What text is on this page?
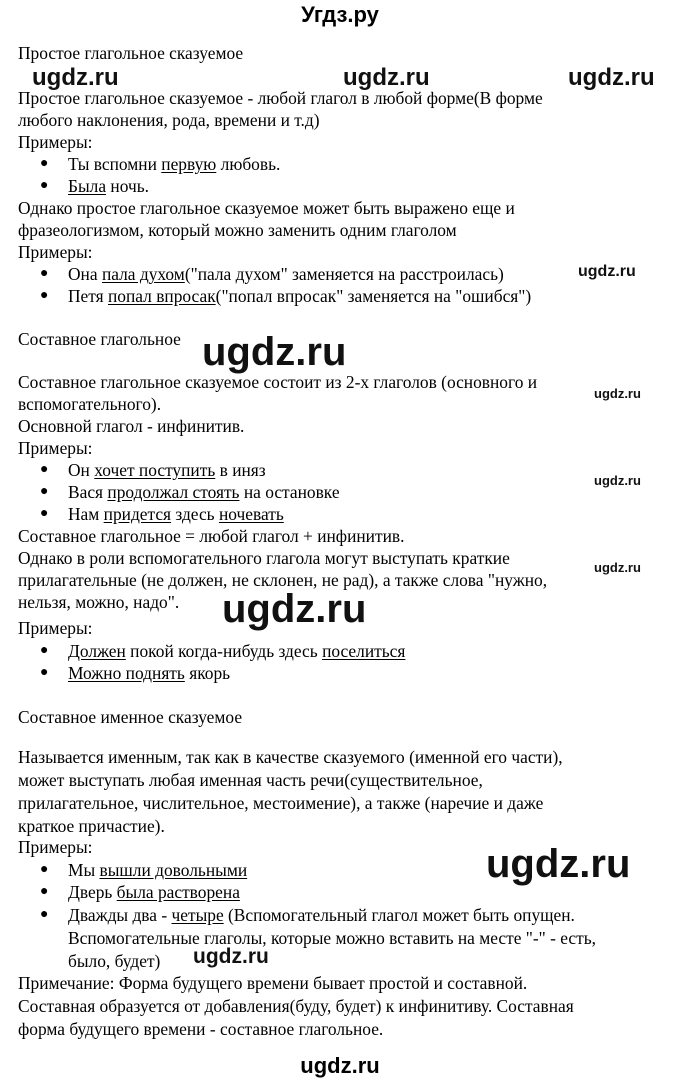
Угдз.ру
ugdz.ru	ugdz.ru	ugdz.ru
ugdz.ru
ugdz.ru
ugdz.ru
ugdz.ru
ugdz.ru
ugdz.ru
ugdz.ru
ugdz.ru
Простое глагольное сказуемое
Простое глагольное сказуемое - любой глагол в любой форме(В форме
любого наклонения, рода, времени и т.д)
Примеры:
● Ты вспомни первую любовь.
● Была ночь.
Однако простое глагольное сказуемое может быть выражено еще и
фразеологизмом, который можно заменить одним глаголом
Примеры:
● Она пала духом("пала духом" заменяется на расстроилась)
● Петя попал впросак("попал впросак" заменяется на "ошибся")
Составное глагольное
Составное глагольное сказуемое состоит из 2-х глаголов (основного и
вспомогательного).
Основной глагол - инфинитив.
Примеры:
● Он хочет поступить в иняз
● Вася продолжал стоять на остановке
● Нам придется здесь ночевать
Составное глагольное = любой глагол + инфинитив.
Однако в роли вспомогательного глагола могут выступать краткие
прилагательные (не должен, не склонен, не рад), а также слова "нужно,
нельзя, можно, надо".
Примеры:
● Должен покой когда-нибудь здесь поселиться
● Можно поднять якорь
Составное именное сказуемое
Называется именным, так как в качестве сказуемого (именной его части),
может выступать любая именная часть речи(существительное,
прилагательное, числительное, местоимение), а также (наречие и даже
краткое причастие).
Примеры:
● Мы вышли довольными
● Дверь была растворена
● Дважды два - четыре (Вспомогательный глагол может быть опущен.
Вспомогательные глаголы, которые можно вставить на месте "-" - есть,
было, будет)
Примечание: Форма будущего времени бывает простой и составной.
Составная образуется от добавления(буду, будет) к инфинитиву. Составная
форма будущего времени - составное глагольное.
ugdz.ru
